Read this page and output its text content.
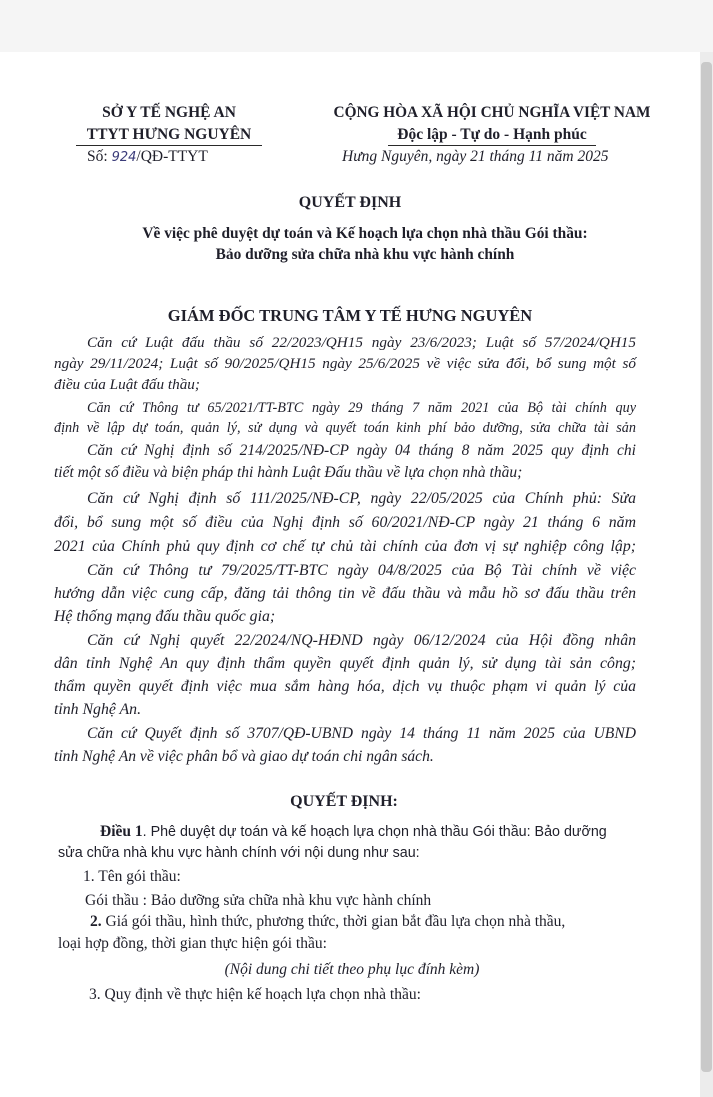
SỞ Y TẾ NGHỆ AN
TTYT HƯNG NGUYÊN
Số: 924/QĐ-TTYT
CỘNG HÒA XÃ HỘI CHỦ NGHĨA VIỆT NAM
Độc lập - Tự do - Hạnh phúc
Hưng Nguyên, ngày 21 tháng 11 năm 2025
QUYẾT ĐỊNH
Về việc phê duyệt dự toán và Kế hoạch lựa chọn nhà thầu Gói thầu:
Bảo dưỡng sửa chữa nhà khu vực hành chính
GIÁM ĐỐC TRUNG TÂM Y TẾ HƯNG NGUYÊN
Căn cứ Luật đấu thầu số 22/2023/QH15 ngày 23/6/2023; Luật số 57/2024/QH15
ngày 29/11/2024; Luật số 90/2025/QH15 ngày 25/6/2025 về việc sửa đổi, bổ sung một số
điều của Luật đấu thầu;
Căn cứ Thông tư 65/2021/TT-BTC ngày 29 tháng 7 năm 2021 của Bộ tài chính quy
định về lập dự toán, quản lý, sử dụng và quyết toán kinh phí bảo dưỡng, sửa chữa tài sản
Căn cứ Nghị định số 214/2025/NĐ-CP ngày 04 tháng 8 năm 2025 quy định chi
tiết một số điều và biện pháp thi hành Luật Đấu thầu về lựa chọn nhà thầu;
Căn cứ Nghị định số 111/2025/NĐ-CP, ngày 22/05/2025 của Chính phủ: Sửa
đổi, bổ sung một số điều của Nghị định số 60/2021/NĐ-CP ngày 21 tháng 6 năm
2021 của Chính phủ quy định cơ chế tự chủ tài chính của đơn vị sự nghiệp công lập;
Căn cứ Thông tư 79/2025/TT-BTC ngày 04/8/2025 của Bộ Tài chính về việc
hướng dẫn việc cung cấp, đăng tải thông tin về đấu thầu và mẫu hồ sơ đấu thầu trên
Hệ thống mạng đấu thầu quốc gia;
Căn cứ Nghị quyết 22/2024/NQ-HĐND ngày 06/12/2024 của Hội đồng nhân
dân tỉnh Nghệ An quy định thẩm quyền quyết định quản lý, sử dụng tài sản công;
thẩm quyền quyết định việc mua sắm hàng hóa, dịch vụ thuộc phạm vi quản lý của
tỉnh Nghệ An.
Căn cứ Quyết định số 3707/QĐ-UBND ngày 14 tháng 11 năm 2025 của UBND
tỉnh Nghệ An về việc phân bổ và giao dự toán chi ngân sách.
QUYẾT ĐỊNH:
Điều 1. Phê duyệt dự toán và kế hoạch lựa chọn nhà thầu Gói thầu: Bảo dưỡng
sửa chữa nhà khu vực hành chính với nội dung như sau:
1. Tên gói thầu:
Gói thầu : Bảo dưỡng sửa chữa nhà khu vực hành chính
2. Giá gói thầu, hình thức, phương thức, thời gian bắt đầu lựa chọn nhà thầu,
loại hợp đồng, thời gian thực hiện gói thầu:
(Nội dung chi tiết theo phụ lục đính kèm)
3. Quy định về thực hiện kế hoạch lựa chọn nhà thầu:
